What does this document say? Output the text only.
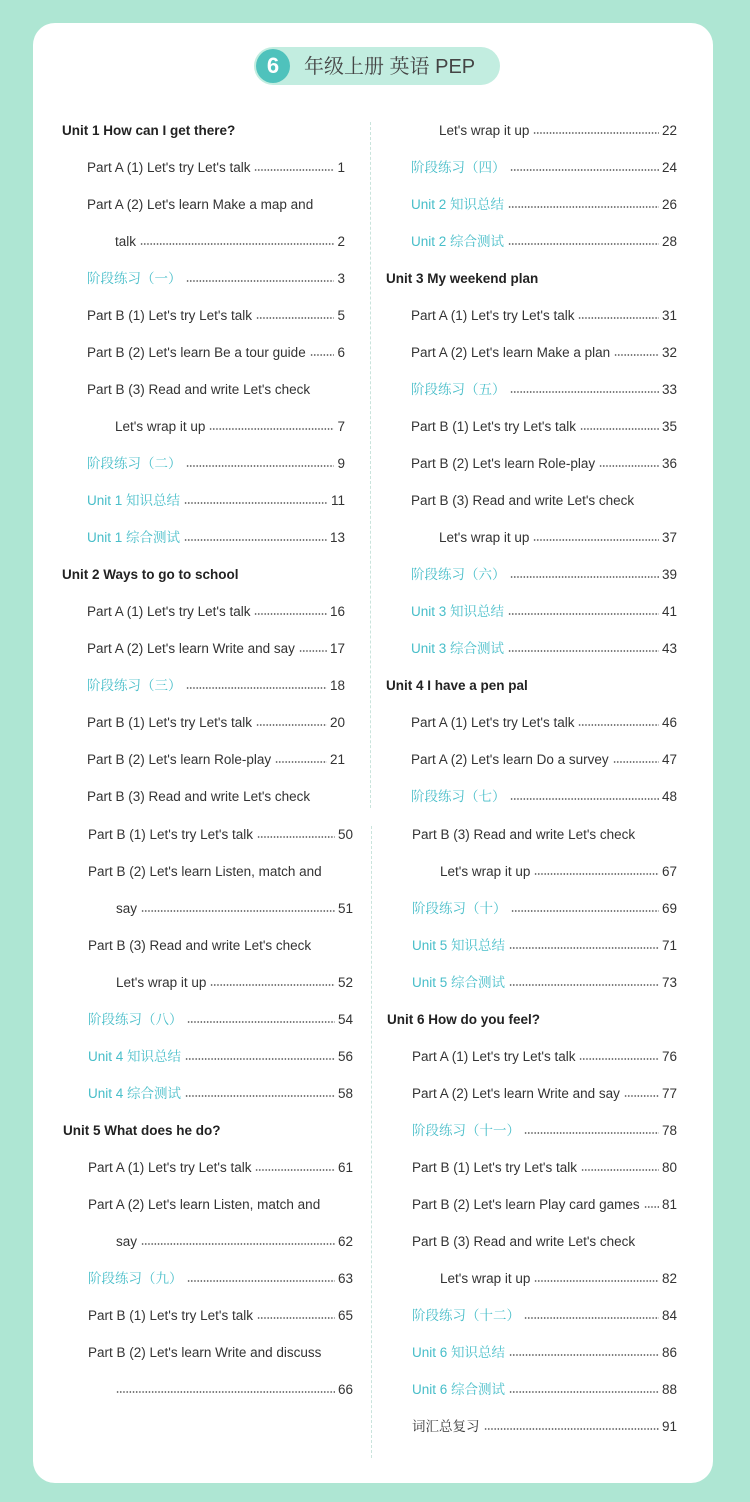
6	年级上册 英语 PEP
Unit 1 How can I get there?
Part A (1) Let's try Let's talk	1
Part A (2) Let's learn Make a map and
talk	2
阶段练习（一）	3
Part B (1) Let's try Let's talk	5
Part B (2) Let's learn Be a tour guide 6
Part B (3) Read and write Let's check
Let's wrap it up	7
阶段练习（二）	9
Unit 1 知识总结	11
Unit 1 综合测试	13
Unit 2 Ways to go to school
Part A (1) Let's try Let's talk	16
Part A (2) Let's learn Write and say	17
阶段练习（三）	18
Part B (1) Let's try Let's talk	20
Part B (2) Let's learn Role-play	21
Part B (3) Read and write Let's check
Let's wrap it up	22
阶段练习（四）	24
Unit 2 知识总结	26
Unit 2 综合测试	28
Unit 3 My weekend plan
Part A (1) Let's try Let's talk	31
Part A (2) Let's learn Make a plan	32
阶段练习（五）	33
Part B (1) Let's try Let's talk	35
Part B (2) Let's learn Role-play	36
Part B (3) Read and write Let's check
Let's wrap it up	37
阶段练习（六）	39
Unit 3 知识总结	41
Unit 3 综合测试	43
Unit 4 I have a pen pal
Part A (1) Let's try Let's talk	46
Part A (2) Let's learn Do a survey	47
阶段练习（七）	48
Part B (1) Let's try Let's talk	50
Part B (2) Let's learn Listen, match and
say	51
Part B (3) Read and write Let's check
Let's wrap it up	52
阶段练习（八）	54
Unit 4 知识总结	56
Unit 4 综合测试	58
Unit 5 What does he do?
Part A (1) Let's try Let's talk	61
Part A (2) Let's learn Listen, match and
say	62
阶段练习（九）	63
Part B (1) Let's try Let's talk	65
Part B (2) Let's learn Write and discuss
66
Part B (3) Read and write Let's check
Let's wrap it up	67
阶段练习（十）	69
Unit 5 知识总结	71
Unit 5 综合测试	73
Unit 6 How do you feel?
Part A (1) Let's try Let's talk	76
Part A (2) Let's learn Write and say	77
阶段练习（十一）	78
Part B (1) Let's try Let's talk	80
Part B (2) Let's learn Play card games 81
Part B (3) Read and write Let's check
Let's wrap it up	82
阶段练习（十二）	84
Unit 6 知识总结	86
Unit 6 综合测试	88
词汇总复习	91
